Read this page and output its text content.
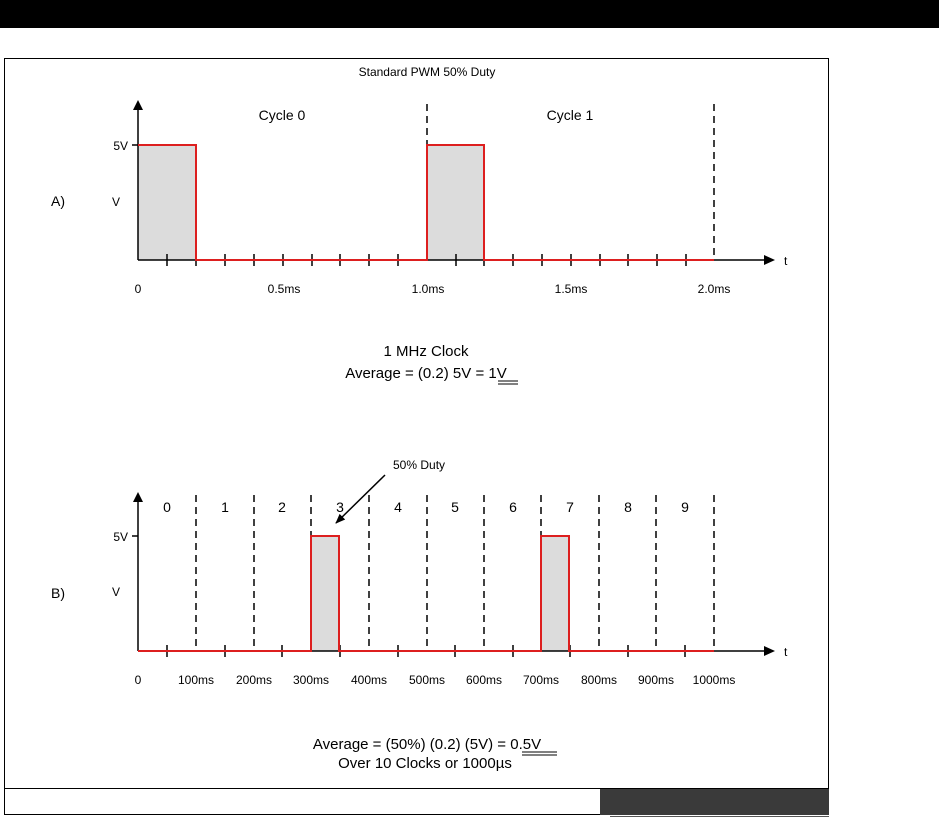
Standard PWM 50% Duty
A)	V
5V
t
Cycle 0	Cycle 1
0	0.5ms	1.0ms	1.5ms	2.0ms
1 MHz Clock
Average = (0.2) 5V = 1V
50% Duty
B)	V
5V
t
0	1	2	3	4	5	6	7	8	9
0	100ms 200ms 300ms 400ms 500ms 600ms 700ms 800ms 900ms 1000ms
Average = (50%) (0.2) (5V) = 0.5V
Over 10 Clocks or 1000µs
